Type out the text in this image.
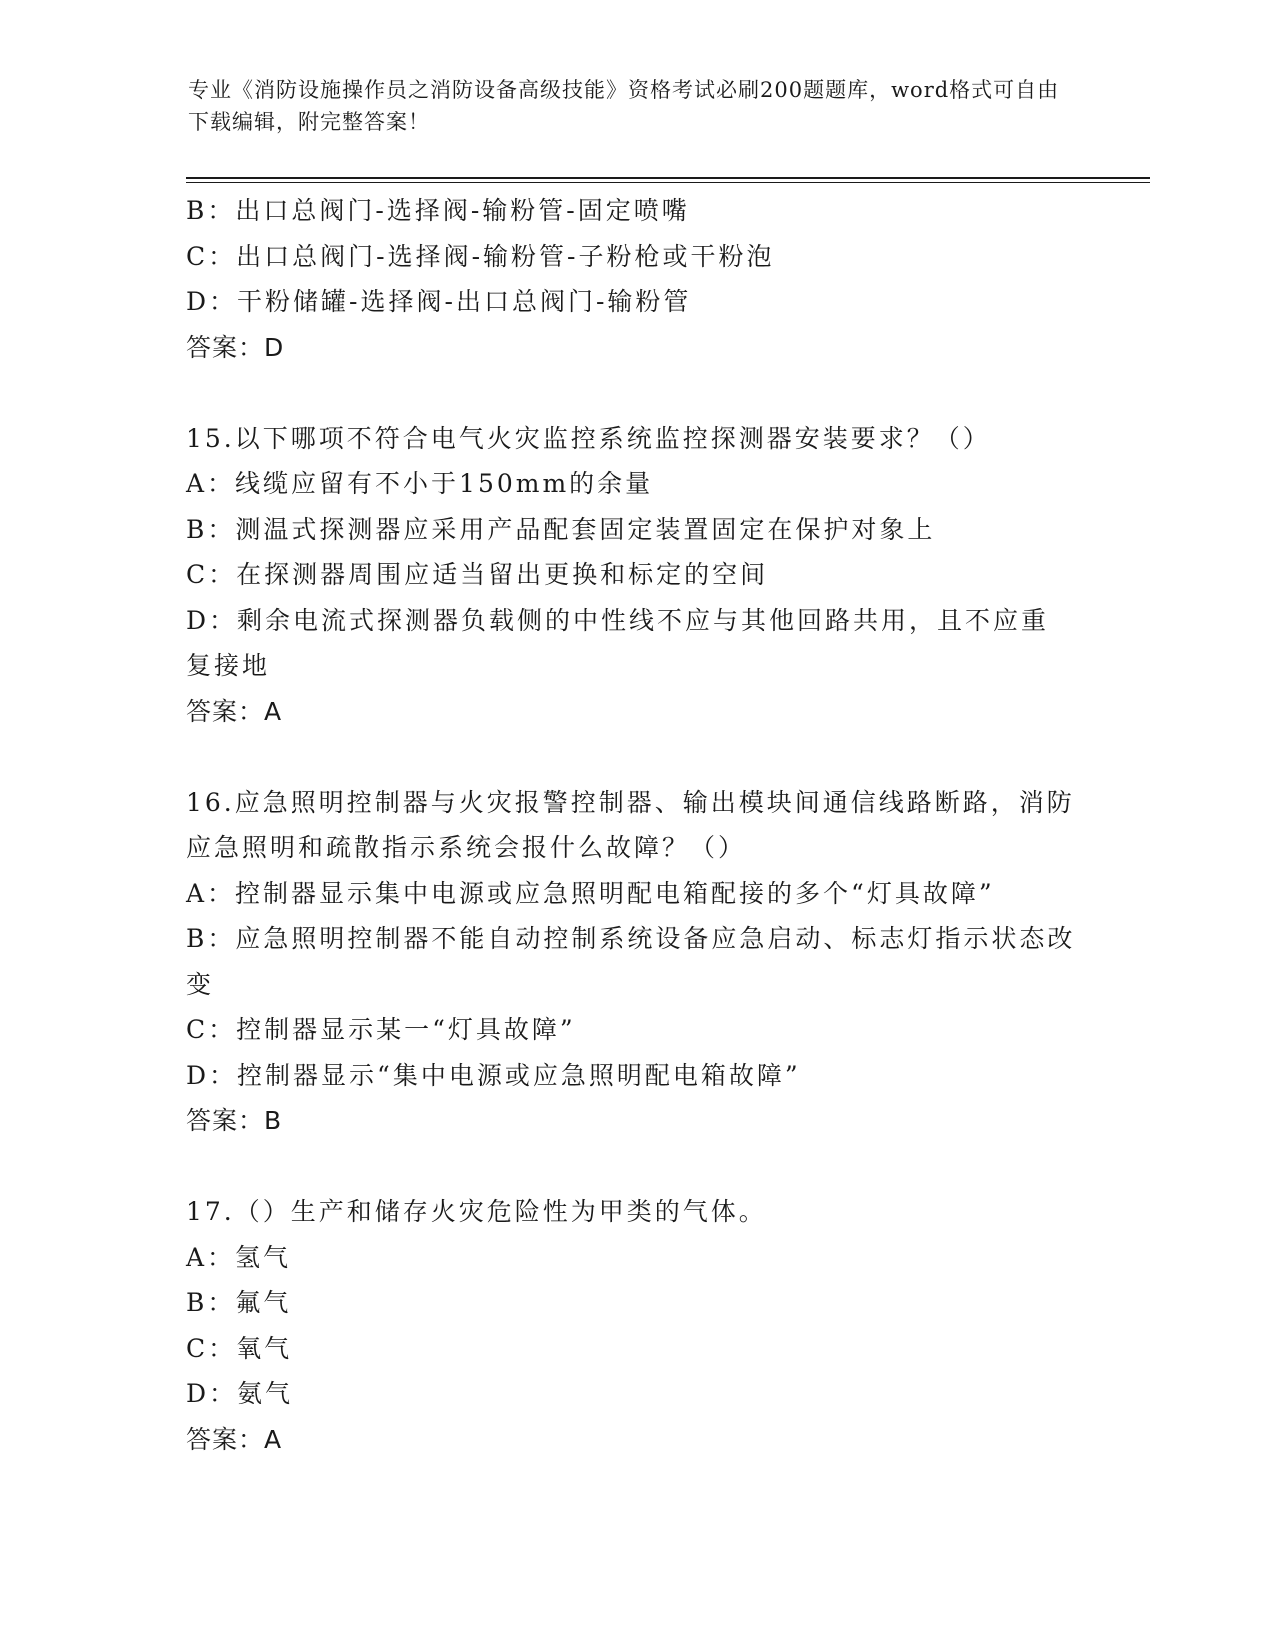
专业《消防设施操作员之消防设备高级技能》资格考试必刷200题题库，word格式可自由下载编辑，附完整答案！

B：出口总阀门-选择阀-输粉管-固定喷嘴

C：出口总阀门-选择阀-输粉管-子粉枪或干粉泡

D：干粉储罐-选择阀-出口总阀门-输粉管

答案：D

15.以下哪项不符合电气火灾监控系统监控探测器安装要求？（）

A：线缆应留有不小于150mm的余量

B：测温式探测器应采用产品配套固定装置固定在保护对象上

C：在探测器周围应适当留出更换和标定的空间

D：剩余电流式探测器负载侧的中性线不应与其他回路共用，且不应重复接地

答案：A

16.应急照明控制器与火灾报警控制器、输出模块间通信线路断路，消防应急照明和疏散指示系统会报什么故障？（）

A：控制器显示集中电源或应急照明配电箱配接的多个“灯具故障”

B：应急照明控制器不能自动控制系统设备应急启动、标志灯指示状态改变

C：控制器显示某一“灯具故障”

D：控制器显示“集中电源或应急照明配电箱故障”

答案：B

17.（）生产和储存火灾危险性为甲类的气体。

A：氢气

B：氟气

C：氧气

D：氨气

答案：A
